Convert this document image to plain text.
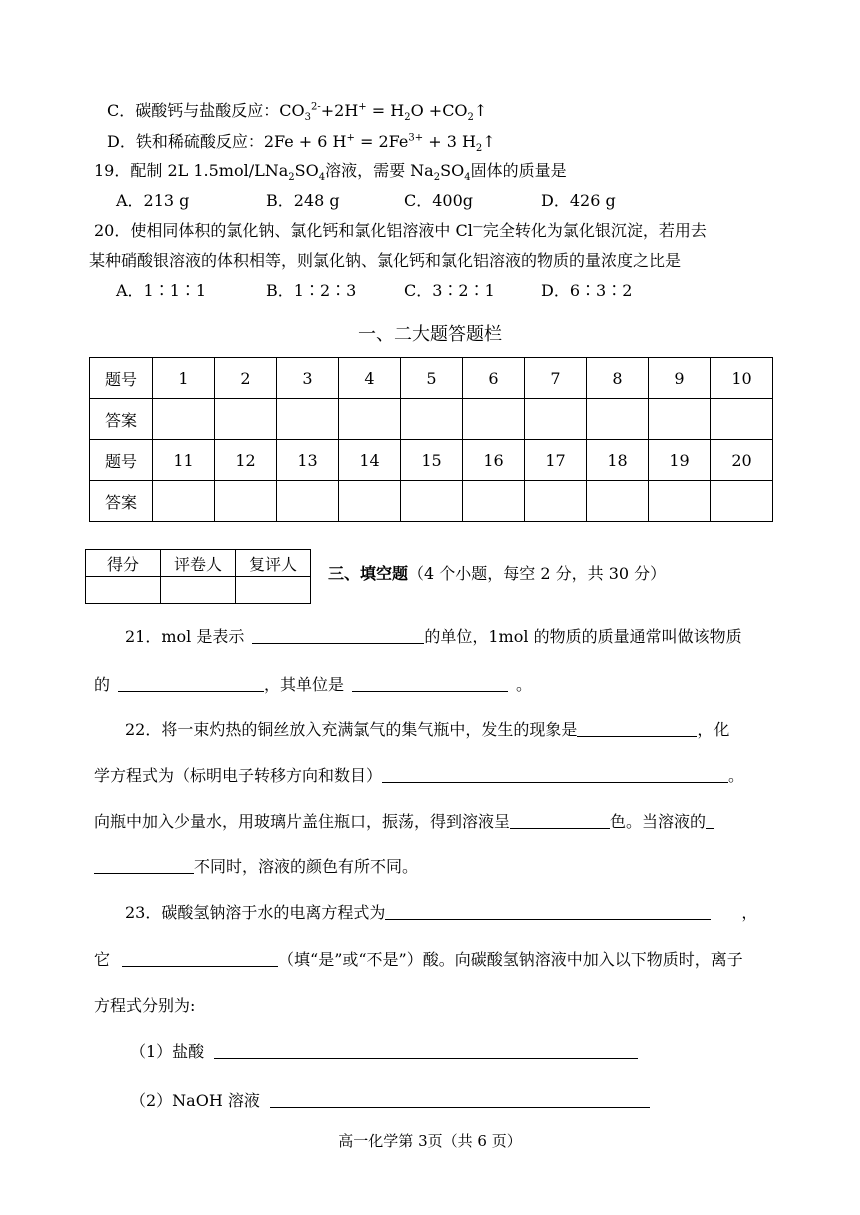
C．碳酸钙与盐酸反应：$CO_3^{2-}+2H^+ = H_2O$ $+CO_2↑$
D．铁和稀硫酸反应：2Fe + 6 $H^+ = 2Fe^{3+} + 3$ $H_2↑$
19．配制 2L $1.5mol/LNa_2SO_4$溶液，需要 $Na_2SO_4$固体的质量是
A．213 g	B．248 g	C．400g	D．426 g
20．使相同体积的氯化钠、氯化钙和氯化铝溶液中 Cl—完全转化为氯化银沉淀，若用去
某种硝酸银溶液的体积相等，则氯化钠、氯化钙和氯化铝溶液的物质的量浓度之比是
A．1∶1∶1	B．1∶2∶3	C．3∶2∶1	D．6∶3∶2
一、二大题答题栏
题号	1	2	3	4	5	6	7	8	9	10
答案										
题号	11	12	13	14	15	16	17	18	19	20
答案										
得分	评卷人	复评人
		三、填空题（4 个小题，每空 2 分，共 30 分）
21．mol 是表示	的单位，1mol 的物质的质量通常叫做该物质
的	，其单位是	。
22．将一束灼热的铜丝放入充满氯气的集气瓶中，发生的现象是	，化
学方程式为（标明电子转移方向和数目）	。
向瓶中加入少量水，用玻璃片盖住瓶口，振荡，得到溶液呈	色。当溶液的
不同时，溶液的颜色有所不同。
23．碳酸氢钠溶于水的电离方程式为	，
它	（填“是”或“不是”）酸。向碳酸氢钠溶液中加入以下物质时，离子
方程式分别为:
（1）盐酸
（2）NaOH 溶液
高一化学第 3页（共 6 页）
